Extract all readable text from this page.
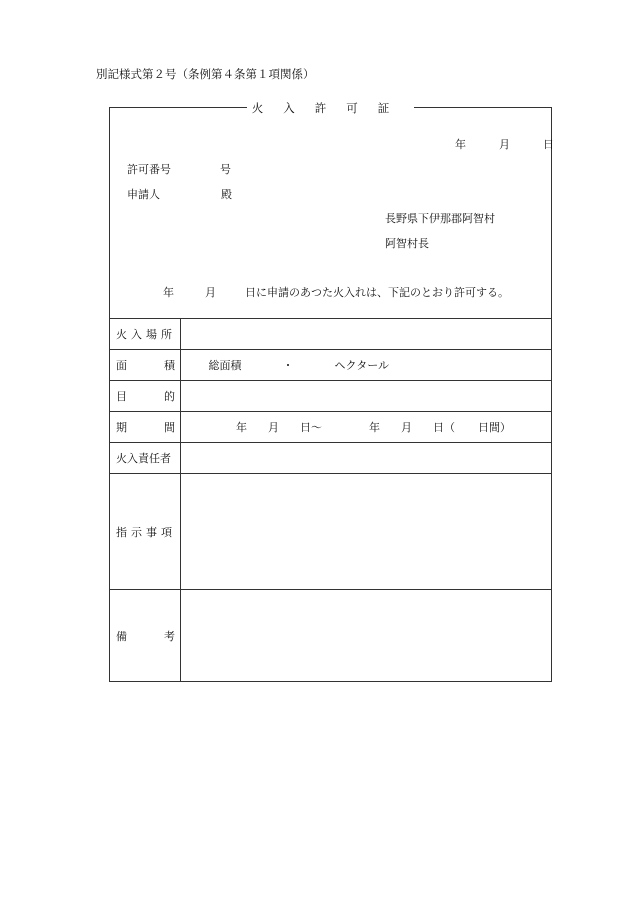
別記様式第２号（条例第４条第１項関係）
火入許可証
年	月	日
許可番号	号
申請人	殿
長野県下伊那郡阿智村
阿智村長
年	月	日に申請のあつた火入れは、下記のとおり許可する。
火入場所	

面積	総面積 ・ ヘクタール
目的	
期間	年 月 日～ 年 月 日（ 日間）
火入責任者	
指示事項	
備考	
